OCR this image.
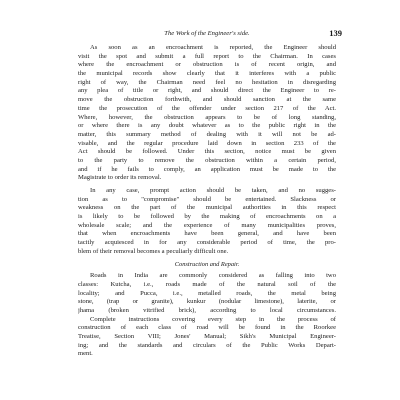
The Work of the Engineer's side.	139
As soon as an encroachment is reported, the Engineer should
visit the spot and submit a full report to the Chairman. In cases
where the encroachment or obstruction is of recent origin, and
the municipal records show clearly that it interferes with a public
right of way, the Chairman need feel no hesitation in disregarding
any plea of title or right, and should direct the Engineer to re-
move the obstruction forthwith, and should sanction at the same
time the prosecution of the offender under section 217 of the Act.
Where, however, the obstruction appears to be of long standing,
or where there is any doubt whatever as to the public right in the
matter, this summary method of dealing with it will not be ad-
visable, and the regular procedure laid down in section 233 of the
Act should be followed. Under this section, notice must be given
to the party to remove the obstruction within a certain period,
and if he fails to comply, an application must be made to the
Magistrate to order its removal.
In any case, prompt action should be taken, and no sugges-
tion as to "compromise" should be entertained. Slackness or
weakness on the part of the municipal authorities in this respect
is likely to be followed by the making of encroachments on a
wholesale scale; and the experience of many municipalities proves,
that when encroachments have been general, and have been
tacitly acquiesced in for any considerable period of time, the pro-
blem of their removal becomes a peculiarly difficult one.
Construction and Repair.
Roads in India are commonly considered as falling into two
classes: Kutcha, i.e., roads made of the natural soil of the
locality; and Pucca, i.e., metalled roads, the metal being
stone, (trap or granite), kunkur (nodular limestone), laterite, or
jhama (broken vitrified brick), according to local circumstances.
Complete instructions covering every step in the process of
construction of each class of road will be found in the Roorkee
Treatise, Section VIII; Jones' Manual; Sikh's Municipal Engineer-
ing; and the standards and circulars of the Public Works Depart-
ment.
